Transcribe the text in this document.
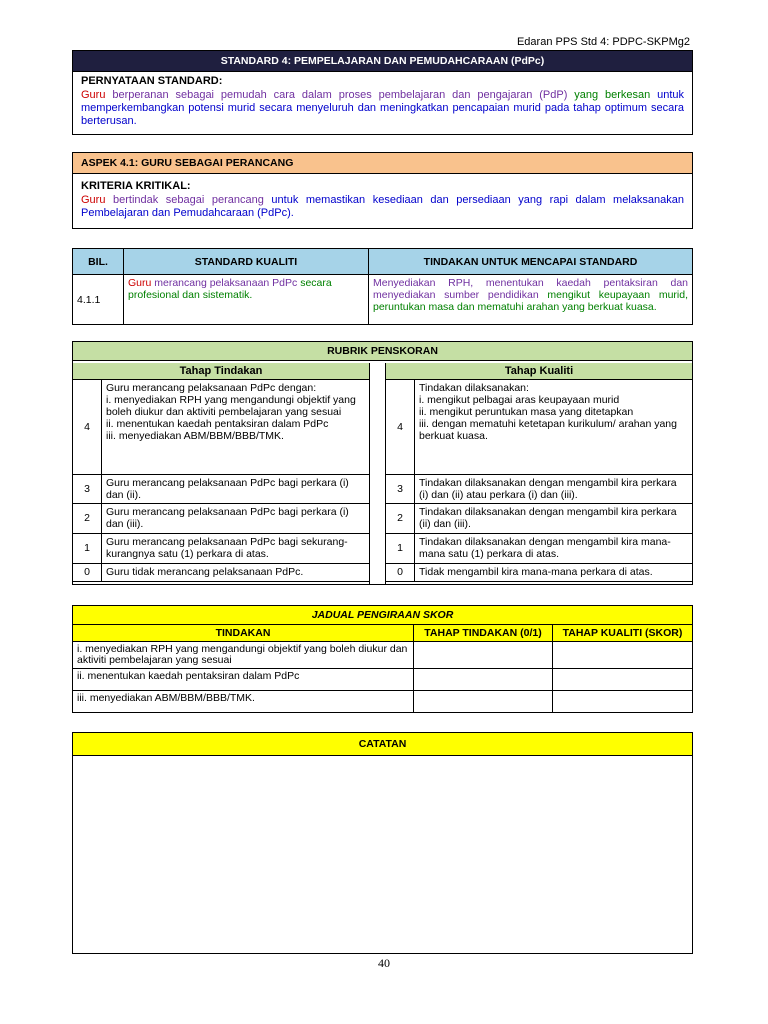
Edaran PPS Std 4: PDPC-SKPMg2
STANDARD 4: PEMPELAJARAN DAN PEMUDAHCARAAN (PdPc)
PERNYATAAN STANDARD:
Guru berperanan sebagai pemudah cara dalam proses pembelajaran dan pengajaran (PdP) yang berkesan untuk memperkembangkan potensi murid secara menyeluruh dan meningkatkan pencapaian murid pada tahap optimum secara berterusan.
ASPEK 4.1: GURU SEBAGAI PERANCANG
KRITERIA KRITIKAL:
Guru bertindak sebagai perancang untuk memastikan kesediaan dan persediaan yang rapi dalam melaksanakan Pembelajaran dan Pemudahcaraan (PdPc).
BIL.	STANDARD KUALITI	TINDAKAN UNTUK MENCAPAI STANDARD
4.1.1	Guru merancang pelaksanaan PdPc secara profesional dan sistematik.	Menyediakan RPH, menentukan kaedah pentaksiran dan menyediakan sumber pendidikan mengikut keupayaan murid, peruntukan masa dan mematuhi arahan yang berkuat kuasa.
RUBRIK PENSKORAN
Tahap Tindakan
4	Guru merancang pelaksanaan PdPc dengan:
i. menyediakan RPH yang mengandungi objektif yang boleh diukur dan aktiviti pembelajaran yang sesuai
ii. menentukan kaedah pentaksiran dalam PdPc
iii. menyediakan ABM/BBM/BBB/TMK.

3	Guru merancang pelaksanaan PdPc bagi perkara (i) dan (ii).

2	Guru merancang pelaksanaan PdPc bagi perkara (i) dan (iii).

1	Guru merancang pelaksanaan PdPc bagi sekurang-kurangnya satu (1) perkara di atas.

0	Guru tidak merancang pelaksanaan PdPc.
Tahap Kualiti
4	Tindakan dilaksanakan:
i. mengikut pelbagai aras keupayaan murid
ii. mengikut peruntukan masa yang ditetapkan
iii. dengan mematuhi ketetapan kurikulum/ arahan yang berkuat kuasa.

3	Tindakan dilaksanakan dengan mengambil kira perkara (i) dan (ii) atau perkara (i) dan (iii).

2	Tindakan dilaksanakan dengan mengambil kira perkara (ii) dan (iii).

1	Tindakan dilaksanakan dengan mengambil kira mana-mana satu (1) perkara di atas.

0	Tidak mengambil kira mana-mana perkara di atas.
JADUAL PENGIRAAN SKOR		
TINDAKAN	TAHAP TINDAKAN (0/1)	TAHAP KUALITI (SKOR)
i. menyediakan RPH yang mengandungi objektif yang boleh diukur dan aktiviti pembelajaran yang sesuai		
ii. menentukan kaedah pentaksiran dalam PdPc		
iii. menyediakan ABM/BBM/BBB/TMK.		
CATATAN
40
